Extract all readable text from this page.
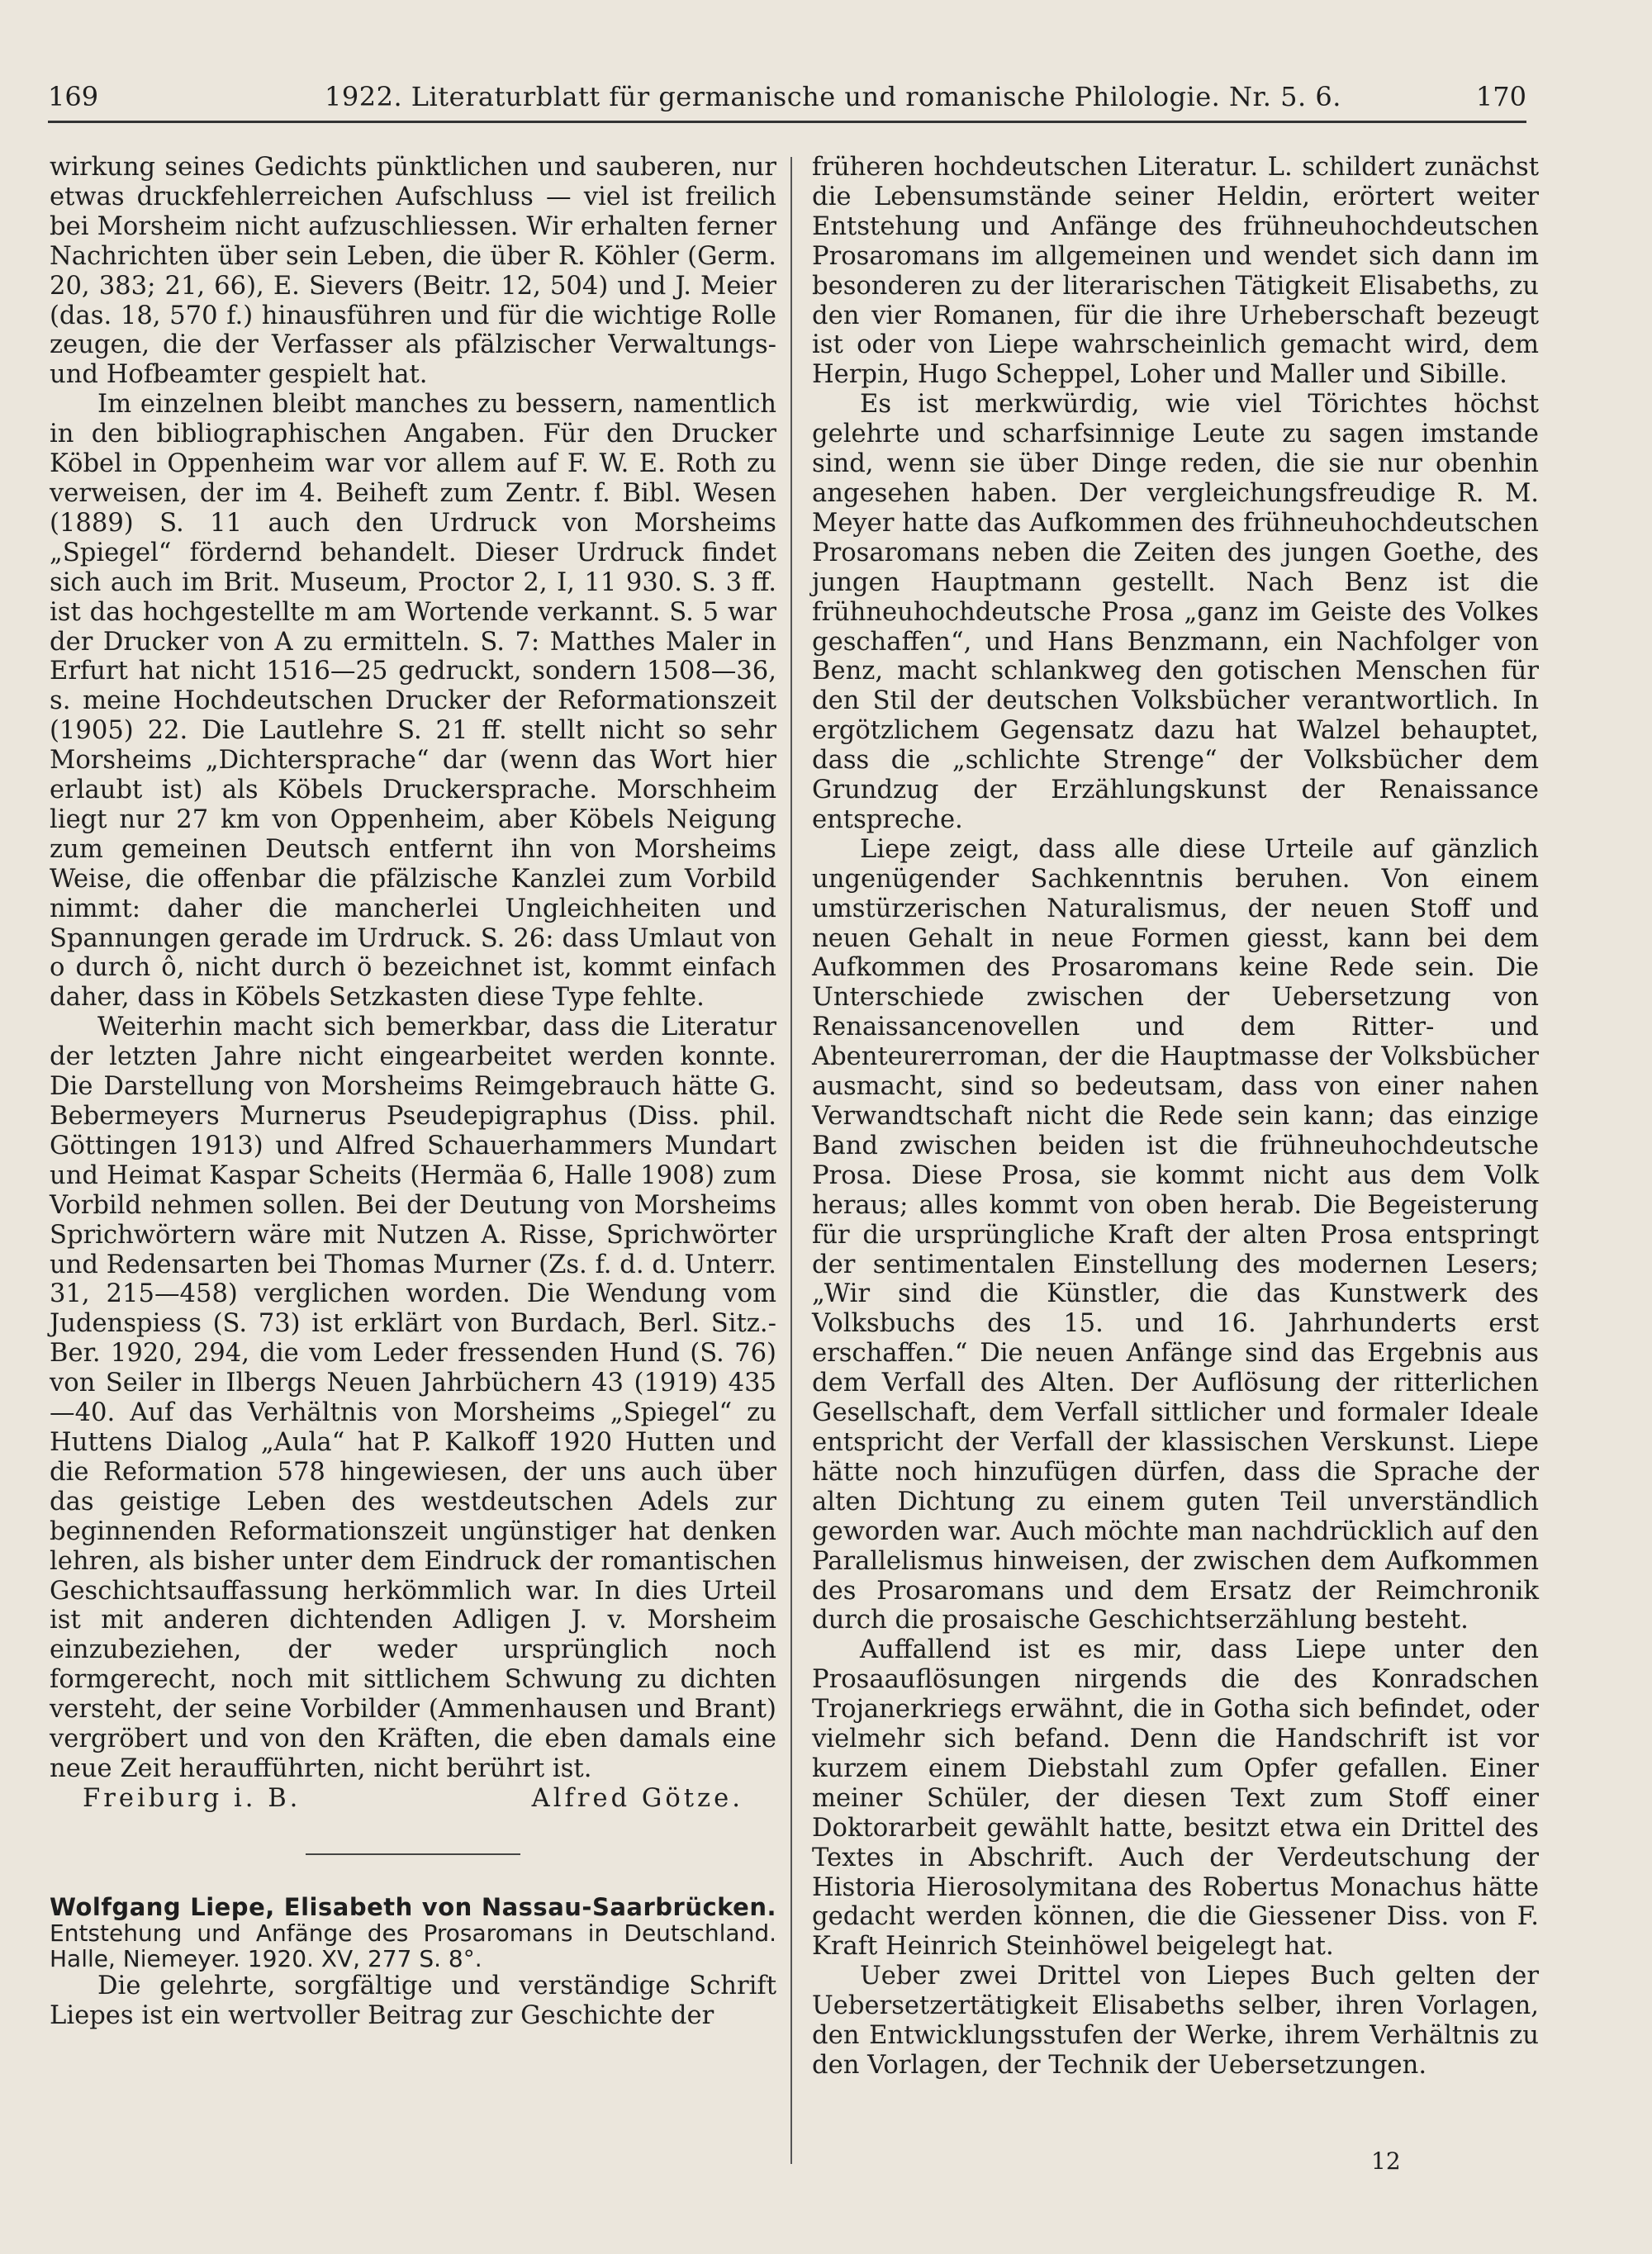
169	1922. Literaturblatt für germanische und romanische Philologie. Nr. 5. 6.	170

wirkung seines Gedichts pünktlichen und sauberen, nur etwas druckfehlerreichen Aufschluss — viel ist freilich bei Morsheim nicht aufzuschliessen. Wir erhalten ferner Nachrichten über sein Leben, die über R. Köhler (Germ. 20, 383; 21, 66), E. Sievers (Beitr. 12, 504) und J. Meier (das. 18, 570 f.) hinausführen und für die wichtige Rolle zeugen, die der Verfasser als pfälzischer Verwaltungs- und Hofbeamter gespielt hat.

Im einzelnen bleibt manches zu bessern, namentlich in den bibliographischen Angaben. Für den Drucker Köbel in Oppenheim war vor allem auf F. W. E. Roth zu verweisen, der im 4. Beiheft zum Zentr. f. Bibl. Wesen (1889) S. 11 auch den Urdruck von Morsheims „Spiegel“ fördernd behandelt. Dieser Urdruck findet sich auch im Brit. Museum, Proctor 2, I, 11 930. S. 3 ff. ist das hochgestellte m am Wortende verkannt. S. 5 war der Drucker von A zu ermitteln. S. 7: Matthes Maler in Erfurt hat nicht 1516—25 gedruckt, sondern 1508—36, s. meine Hochdeutschen Drucker der Reformationszeit (1905) 22. Die Lautlehre S. 21 ff. stellt nicht so sehr Morsheims „Dichtersprache“ dar (wenn das Wort hier erlaubt ist) als Köbels Druckersprache. Morschheim liegt nur 27 km von Oppenheim, aber Köbels Neigung zum gemeinen Deutsch entfernt ihn von Morsheims Weise, die offenbar die pfälzische Kanzlei zum Vorbild nimmt: daher die mancherlei Ungleichheiten und Spannungen gerade im Urdruck. S. 26: dass Umlaut von o durch ô, nicht durch ö bezeichnet ist, kommt einfach daher, dass in Köbels Setzkasten diese Type fehlte.

Weiterhin macht sich bemerkbar, dass die Literatur der letzten Jahre nicht eingearbeitet werden konnte. Die Darstellung von Morsheims Reimgebrauch hätte G. Bebermeyers Murnerus Pseudepigraphus (Diss. phil. Göttingen 1913) und Alfred Schauerhammers Mundart und Heimat Kaspar Scheits (Hermäa 6, Halle 1908) zum Vorbild nehmen sollen. Bei der Deutung von Morsheims Sprichwörtern wäre mit Nutzen A. Risse, Sprichwörter und Redensarten bei Thomas Murner (Zs. f. d. d. Unterr. 31, 215—458) verglichen worden. Die Wendung vom Judenspiess (S. 73) ist erklärt von Burdach, Berl. Sitz.-Ber. 1920, 294, die vom Leder fressenden Hund (S. 76) von Seiler in Ilbergs Neuen Jahrbüchern 43 (1919) 435—40. Auf das Verhältnis von Morsheims „Spiegel“ zu Huttens Dialog „Aula“ hat P. Kalkoff 1920 Hutten und die Reformation 578 hingewiesen, der uns auch über das geistige Leben des westdeutschen Adels zur beginnenden Reformationszeit ungünstiger hat denken lehren, als bisher unter dem Eindruck der romantischen Geschichtsauffassung herkömmlich war. In dies Urteil ist mit anderen dichtenden Adligen J. v. Morsheim einzubeziehen, der weder ursprünglich noch formgerecht, noch mit sittlichem Schwung zu dichten versteht, der seine Vorbilder (Ammenhausen und Brant) vergröbert und von den Kräften, die eben damals eine neue Zeit heraufführten, nicht berührt ist.

Freiburg i. B.	Alfred Götze.

Wolfgang Liepe, Elisabeth von Nassau-Saarbrücken. Entstehung und Anfänge des Prosaromans in Deutschland. Halle, Niemeyer. 1920. XV, 277 S. 8°.

Die gelehrte, sorgfältige und verständige Schrift Liepes ist ein wertvoller Beitrag zur Geschichte der

früheren hochdeutschen Literatur. L. schildert zunächst die Lebensumstände seiner Heldin, erörtert weiter Entstehung und Anfänge des frühneuhochdeutschen Prosaromans im allgemeinen und wendet sich dann im besonderen zu der literarischen Tätigkeit Elisabeths, zu den vier Romanen, für die ihre Urheberschaft bezeugt ist oder von Liepe wahrscheinlich gemacht wird, dem Herpin, Hugo Scheppel, Loher und Maller und Sibille.

Es ist merkwürdig, wie viel Törichtes höchst gelehrte und scharfsinnige Leute zu sagen imstande sind, wenn sie über Dinge reden, die sie nur obenhin angesehen haben. Der vergleichungsfreudige R. M. Meyer hatte das Aufkommen des frühneuhochdeutschen Prosaromans neben die Zeiten des jungen Goethe, des jungen Hauptmann gestellt. Nach Benz ist die frühneuhochdeutsche Prosa „ganz im Geiste des Volkes geschaffen“, und Hans Benzmann, ein Nachfolger von Benz, macht schlankweg den gotischen Menschen für den Stil der deutschen Volksbücher verantwortlich. In ergötzlichem Gegensatz dazu hat Walzel behauptet, dass die „schlichte Strenge“ der Volksbücher dem Grundzug der Erzählungskunst der Renaissance entspreche.

Liepe zeigt, dass alle diese Urteile auf gänzlich ungenügender Sachkenntnis beruhen. Von einem umstürzerischen Naturalismus, der neuen Stoff und neuen Gehalt in neue Formen giesst, kann bei dem Aufkommen des Prosaromans keine Rede sein. Die Unterschiede zwischen der Uebersetzung von Renaissancenovellen und dem Ritter- und Abenteurerroman, der die Hauptmasse der Volksbücher ausmacht, sind so bedeutsam, dass von einer nahen Verwandtschaft nicht die Rede sein kann; das einzige Band zwischen beiden ist die frühneuhochdeutsche Prosa. Diese Prosa, sie kommt nicht aus dem Volk heraus; alles kommt von oben herab. Die Begeisterung für die ursprüngliche Kraft der alten Prosa entspringt der sentimentalen Einstellung des modernen Lesers; „Wir sind die Künstler, die das Kunstwerk des Volksbuchs des 15. und 16. Jahrhunderts erst erschaffen.“ Die neuen Anfänge sind das Ergebnis aus dem Verfall des Alten. Der Auflösung der ritterlichen Gesellschaft, dem Verfall sittlicher und formaler Ideale entspricht der Verfall der klassischen Verskunst. Liepe hätte noch hinzufügen dürfen, dass die Sprache der alten Dichtung zu einem guten Teil unverständlich geworden war. Auch möchte man nachdrücklich auf den Parallelismus hinweisen, der zwischen dem Aufkommen des Prosaromans und dem Ersatz der Reimchronik durch die prosaische Geschichtserzählung besteht.

Auffallend ist es mir, dass Liepe unter den Prosaauflösungen nirgends die des Konradschen Trojanerkriegs erwähnt, die in Gotha sich befindet, oder vielmehr sich befand. Denn die Handschrift ist vor kurzem einem Diebstahl zum Opfer gefallen. Einer meiner Schüler, der diesen Text zum Stoff einer Doktorarbeit gewählt hatte, besitzt etwa ein Drittel des Textes in Abschrift. Auch der Verdeutschung der Historia Hierosolymitana des Robertus Monachus hätte gedacht werden können, die die Giessener Diss. von F. Kraft Heinrich Steinhöwel beigelegt hat.

Ueber zwei Drittel von Liepes Buch gelten der Uebersetzertätigkeit Elisabeths selber, ihren Vorlagen, den Entwicklungsstufen der Werke, ihrem Verhältnis zu den Vorlagen, der Technik der Uebersetzungen.

12
